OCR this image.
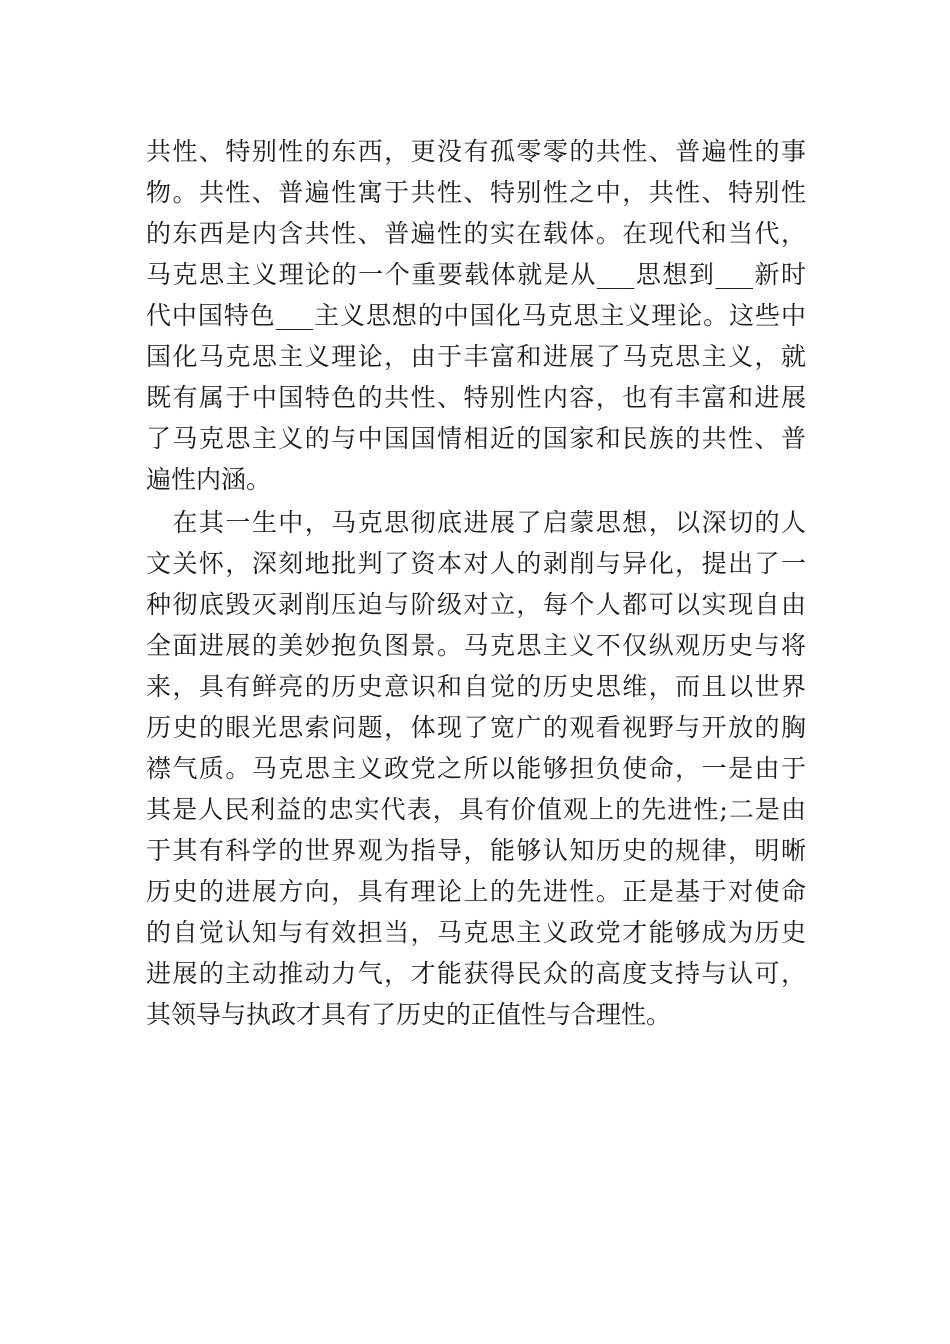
共性、特别性的东西，更没有孤零零的共性、普遍性的事
物。共性、普遍性寓于共性、特别性之中，共性、特别性
的东西是内含共性、普遍性的实在载体。在现代和当代，
马克思主义理论的一个重要载体就是从___思想到___新时
代中国特色___主义思想的中国化马克思主义理论。这些中
国化马克思主义理论，由于丰富和进展了马克思主义，就
既有属于中国特色的共性、特别性内容，也有丰富和进展
了马克思主义的与中国国情相近的国家和民族的共性、普
遍性内涵。
　在其一生中，马克思彻底进展了启蒙思想，以深切的人
文关怀，深刻地批判了资本对人的剥削与异化，提出了一
种彻底毁灭剥削压迫与阶级对立，每个人都可以实现自由
全面进展的美妙抱负图景。马克思主义不仅纵观历史与将
来，具有鲜亮的历史意识和自觉的历史思维，而且以世界
历史的眼光思索问题，体现了宽广的观看视野与开放的胸
襟气质。马克思主义政党之所以能够担负使命，一是由于
其是人民利益的忠实代表，具有价值观上的先进性;二是由
于其有科学的世界观为指导，能够认知历史的规律，明晰
历史的进展方向，具有理论上的先进性。正是基于对使命
的自觉认知与有效担当，马克思主义政党才能够成为历史
进展的主动推动力气，才能获得民众的高度支持与认可，
其领导与执政才具有了历史的正值性与合理性。
